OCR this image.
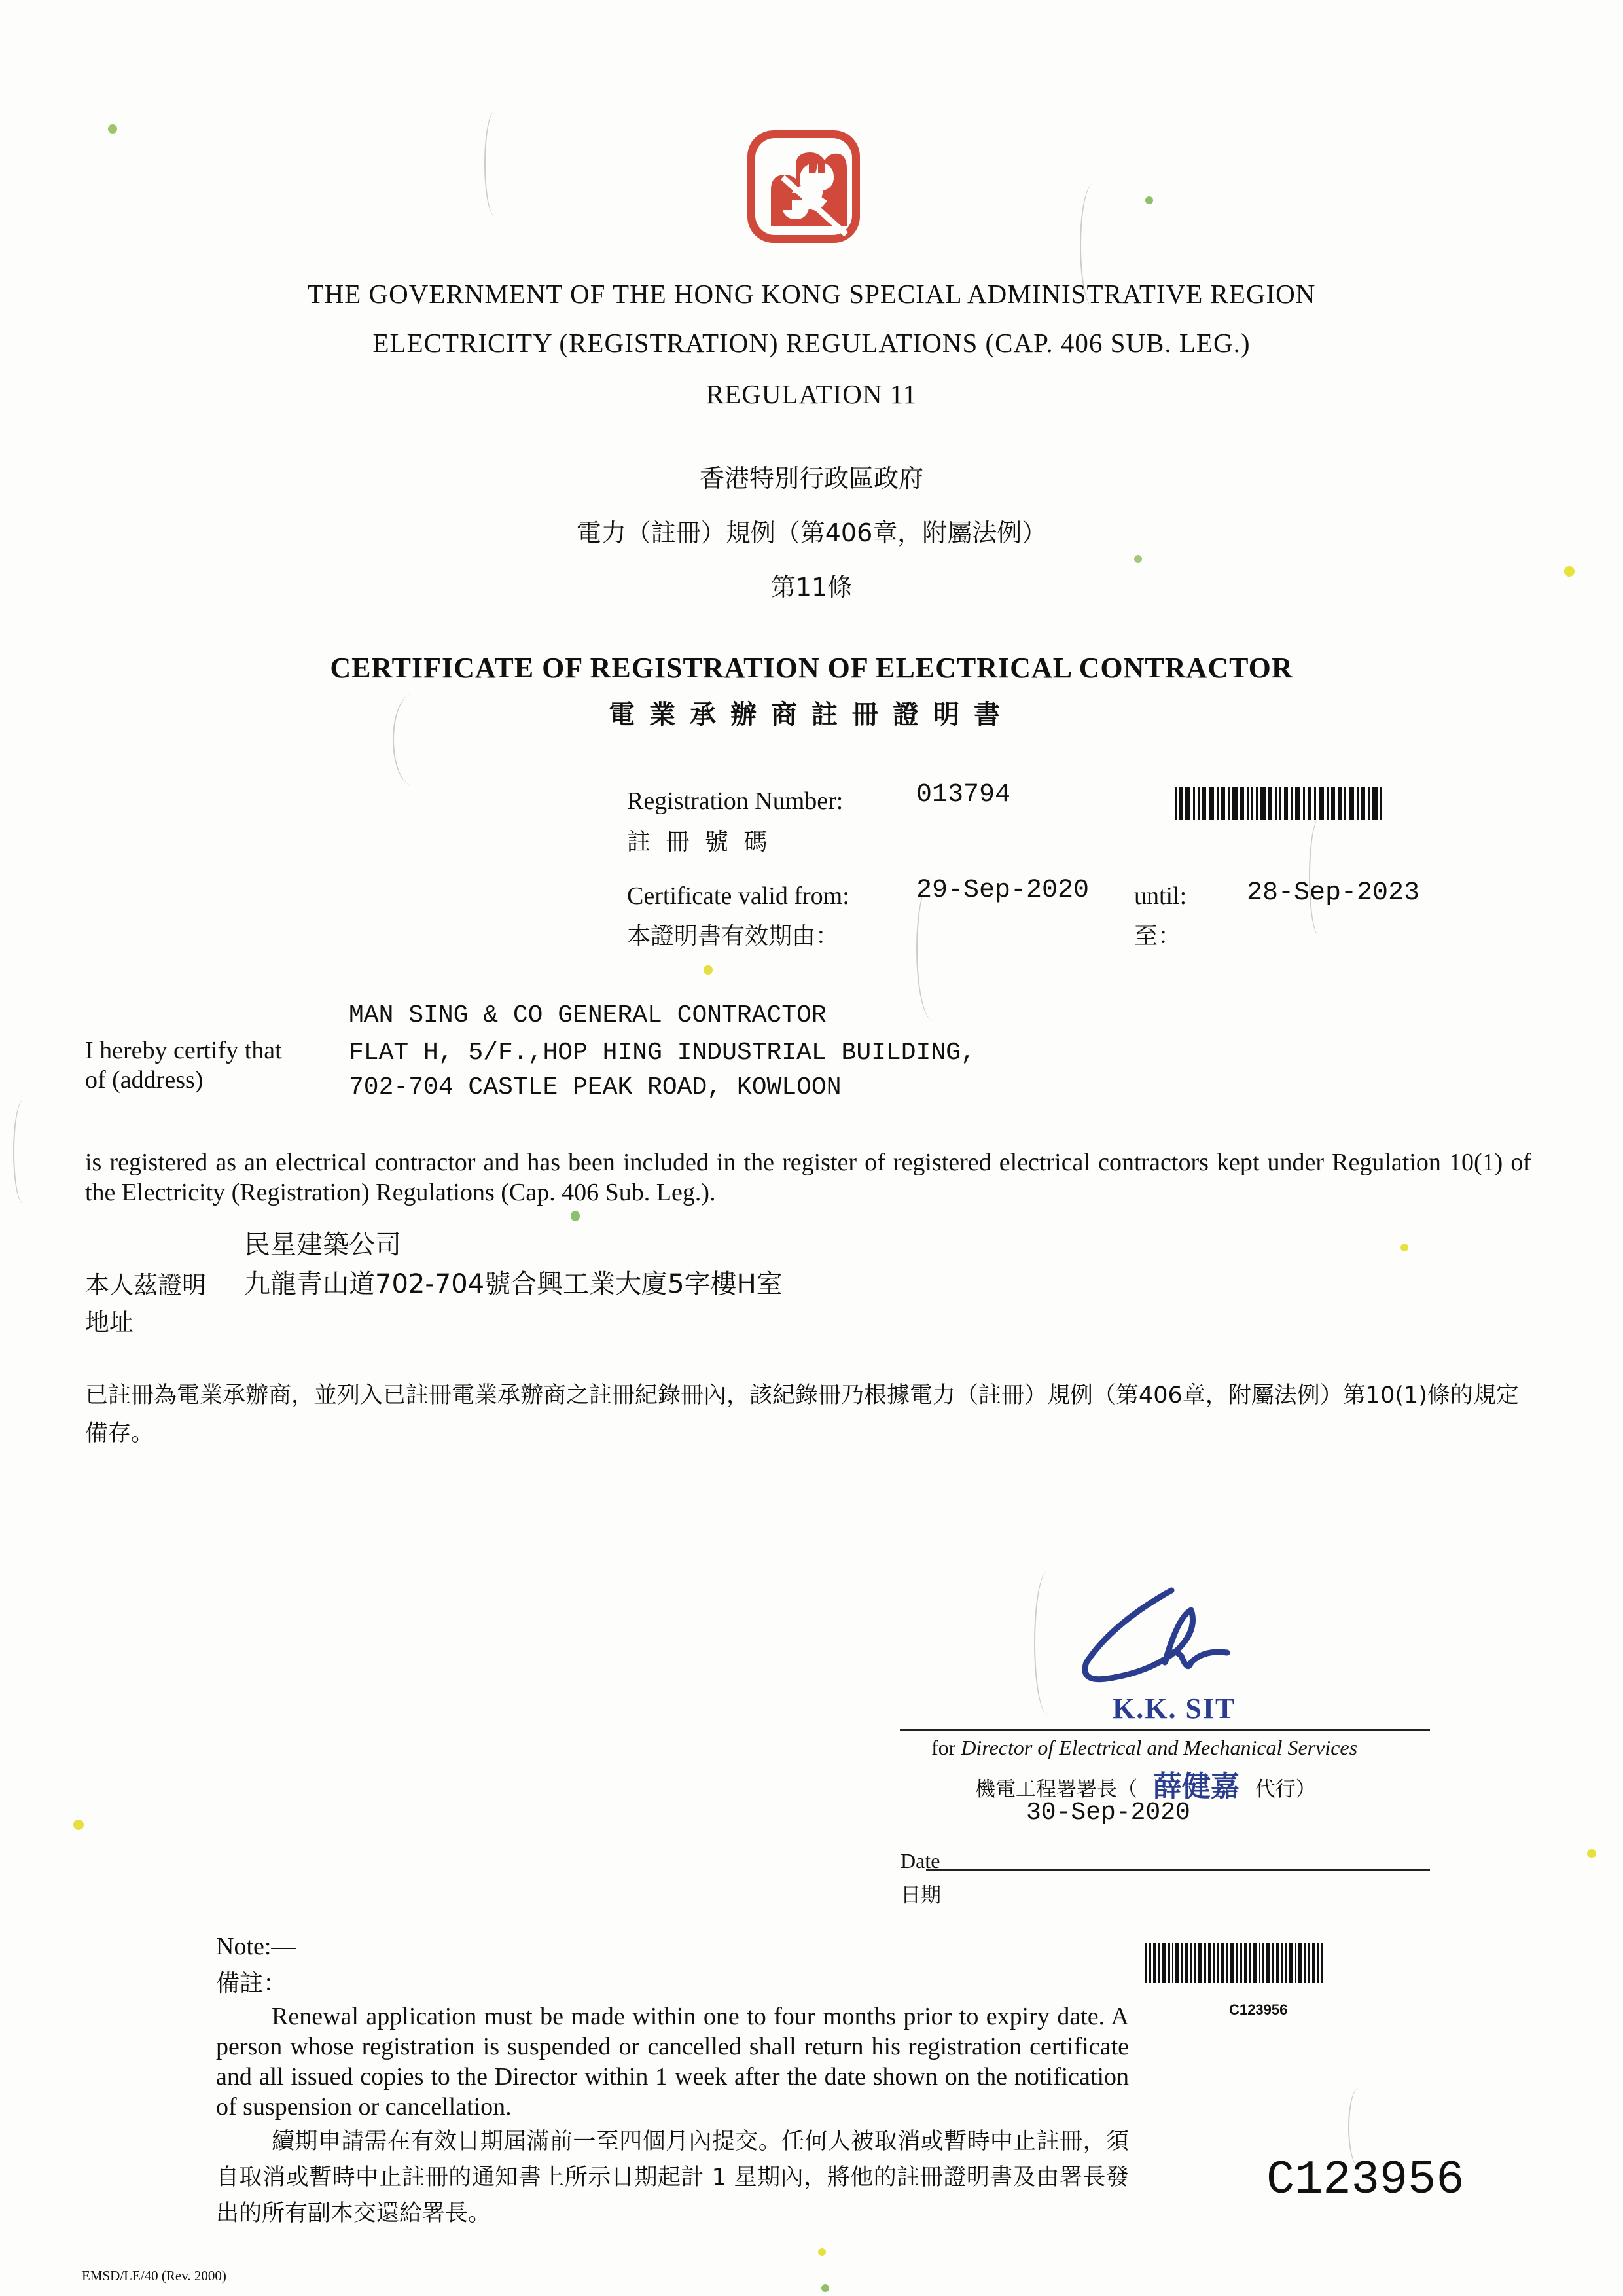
THE GOVERNMENT OF THE HONG KONG SPECIAL ADMINISTRATIVE REGION
ELECTRICITY (REGISTRATION) REGULATIONS (CAP. 406 SUB. LEG.)
REGULATION 11
香港特別行政區政府
電力（註冊）規例（第406章，附屬法例）
第11條
CERTIFICATE OF REGISTRATION OF ELECTRICAL CONTRACTOR
電業承辦商註冊證明書
Registration Number:
註 冊 號 碼
013794
Certificate valid from:
本證明書有效期由：
29-Sep-2020 until:
至：
28-Sep-2023
I hereby certify that
of (address)
MAN SING & CO GENERAL CONTRACTOR
FLAT H, 5/F.,HOP HING INDUSTRIAL BUILDING,
702-704 CASTLE PEAK ROAD, KOWLOON
is registered as an electrical contractor and has been included in the register of registered electrical contractors kept under Regulation 10(1) of the Electricity (Registration) Regulations (Cap. 406 Sub. Leg.).
民星建築公司
本人茲證明 九龍青山道702-704號合興工業大廈5字樓H室
地址
已註冊為電業承辦商，並列入已註冊電業承辦商之註冊紀錄冊內，該紀錄冊乃根據電力（註冊）規例（第406章，附屬法例）第10(1)條的規定備存。
K.K. SIT
for Director of Electrical and Mechanical Services
機電工程署署長（ 薛健嘉 代行）
30-Sep-2020
Date
日期
Note:—
備註：
Renewal application must be made within one to four months prior to expiry date. A person whose registration is suspended or cancelled shall return his registration certificate and all issued copies to the Director within 1 week after the date shown on the notification of suspension or cancellation.
續期申請需在有效日期屆滿前一至四個月內提交。任何人被取消或暫時中止註冊，須自取消或暫時中止註冊的通知書上所示日期起計 1 星期內，將他的註冊證明書及由署長發出的所有副本交還給署長。
C123956
C123956
EMSD/LE/40 (Rev. 2000)
